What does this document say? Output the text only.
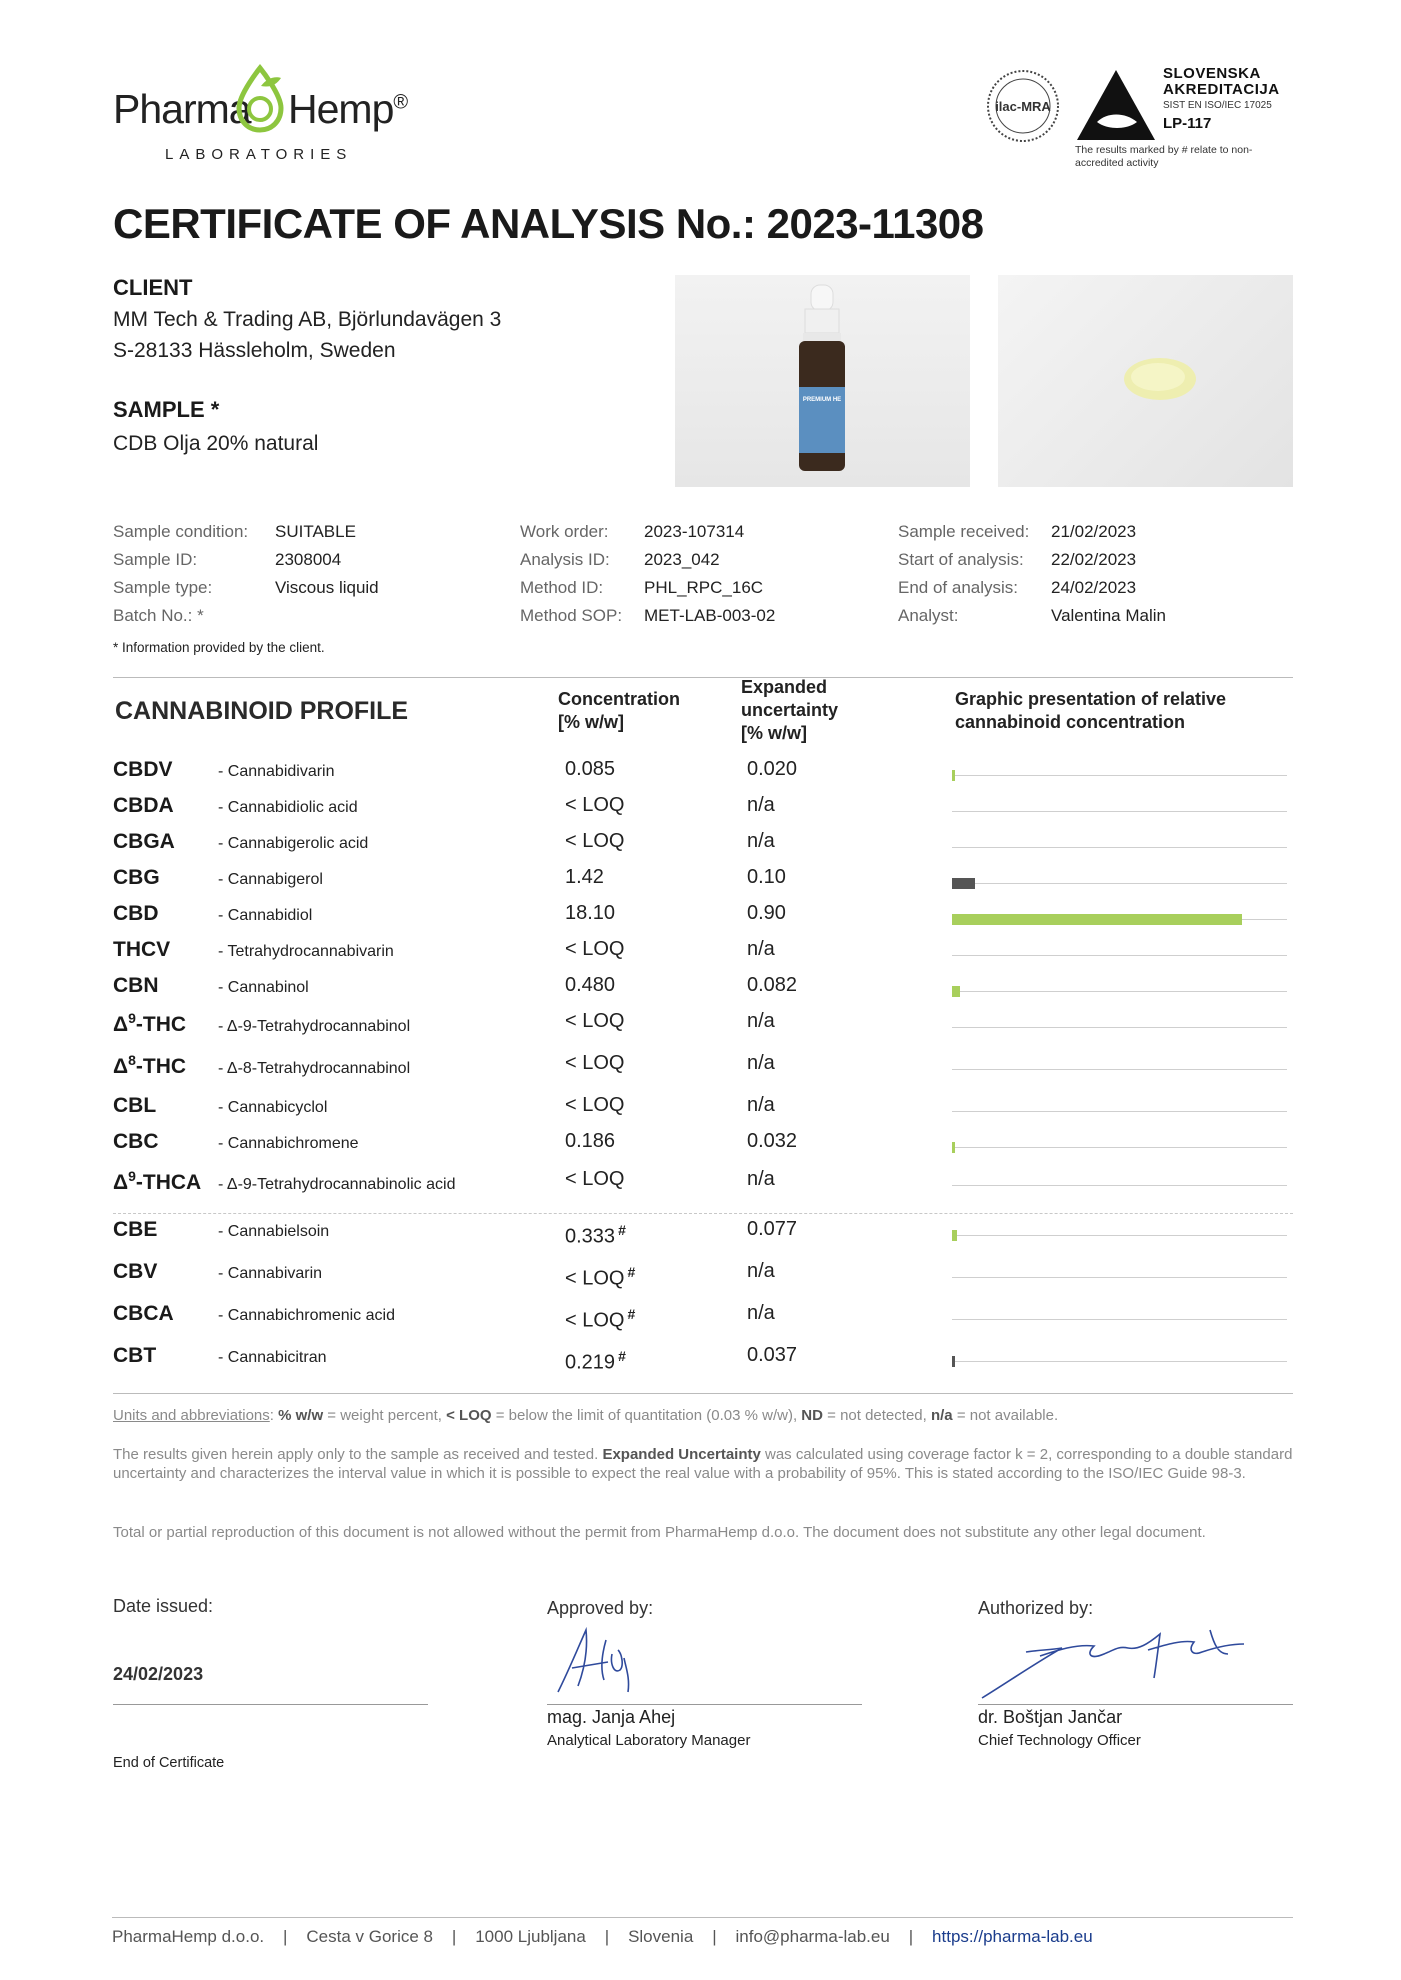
Pharma Hemp®
LABORATORIES
ilac-MRA
SLOVENSKA
AKREDITACIJA
SIST EN ISO/IEC 17025
LP-117
The results marked by # relate to non-accredited activity
CERTIFICATE OF ANALYSIS No.: 2023-11308
CLIENT
MM Tech & Trading AB, Björlundavägen 3
S-28133 Hässleholm, Sweden
SAMPLE *
CDB Olja 20% natural
PREMIUM HE
Sample condition: SUITABLE
Sample ID:	2308004
Sample type:	Viscous liquid
Batch No.: *
Work order: 2023-107314
Analysis ID: 2023_042
Method ID: PHL_RPC_16C
Method SOP: MET-LAB-003-02
Sample received: 21/02/2023
Start of analysis: 22/02/2023
End of analysis: 24/02/2023
Analyst:	Valentina Malin
* Information provided by the client.
CANNABINOID PROFILE	Concentration
[% w/w]
Expanded
uncertainty
[% w/w]
Graphic presentation of relative
cannabinoid concentration
CBDV	- Cannabidivarin	0.085	0.020
CBDA	- Cannabidiolic acid	< LOQ	n/a
CBGA	- Cannabigerolic acid	< LOQ	n/a
CBG	- Cannabigerol	1.42	0.10
CBD	- Cannabidiol	18.10	0.90
THCV	- Tetrahydrocannabivarin	< LOQ	n/a
CBN	- Cannabinol	0.480	0.082
$\Delta^9$-THC - Δ-9-Tetrahydrocannabinol	< LOQ	n/a
$\Delta^8$-THC - Δ-8-Tetrahydrocannabinol	< LOQ	n/a
CBL	- Cannabicyclol	< LOQ	n/a
CBC	- Cannabichromene	0.186	0.032
$\Delta^9$-THCA - Δ-9-Tetrahydrocannabinolic acid	< LOQ	n/a
CBE	- Cannabielsoin	0.333 #	0.077
CBV	- Cannabivarin	< LOQ #	n/a
CBCA	- Cannabichromenic acid	< LOQ #	n/a
CBT	- Cannabicitran	0.219 #	0.037
Units and abbreviations: % w/w = weight percent, < LOQ = below the limit of quantitation (0.03 % w/w), ND = not detected, n/a = not available.
The results given herein apply only to the sample as received and tested. Expanded Uncertainty was calculated using coverage factor k = 2, corresponding to a double standard uncertainty and characterizes the interval value in which it is possible to expect the real value with a probability of 95%. This is stated according to the ISO/IEC Guide 98-3.
Total or partial reproduction of this document is not allowed without the permit from PharmaHemp d.o.o. The document does not substitute any other legal document.
Date issued:
24/02/2023
Approved by:
mag. Janja Ahej
Analytical Laboratory Manager
Authorized by:
dr. Boštjan Jančar
Chief Technology Officer
End of Certificate
PharmaHemp d.o.o. | Cesta v Gorice 8 | 1000 Ljubljana | Slovenia | info@pharma-lab.eu | https://pharma-lab.eu
